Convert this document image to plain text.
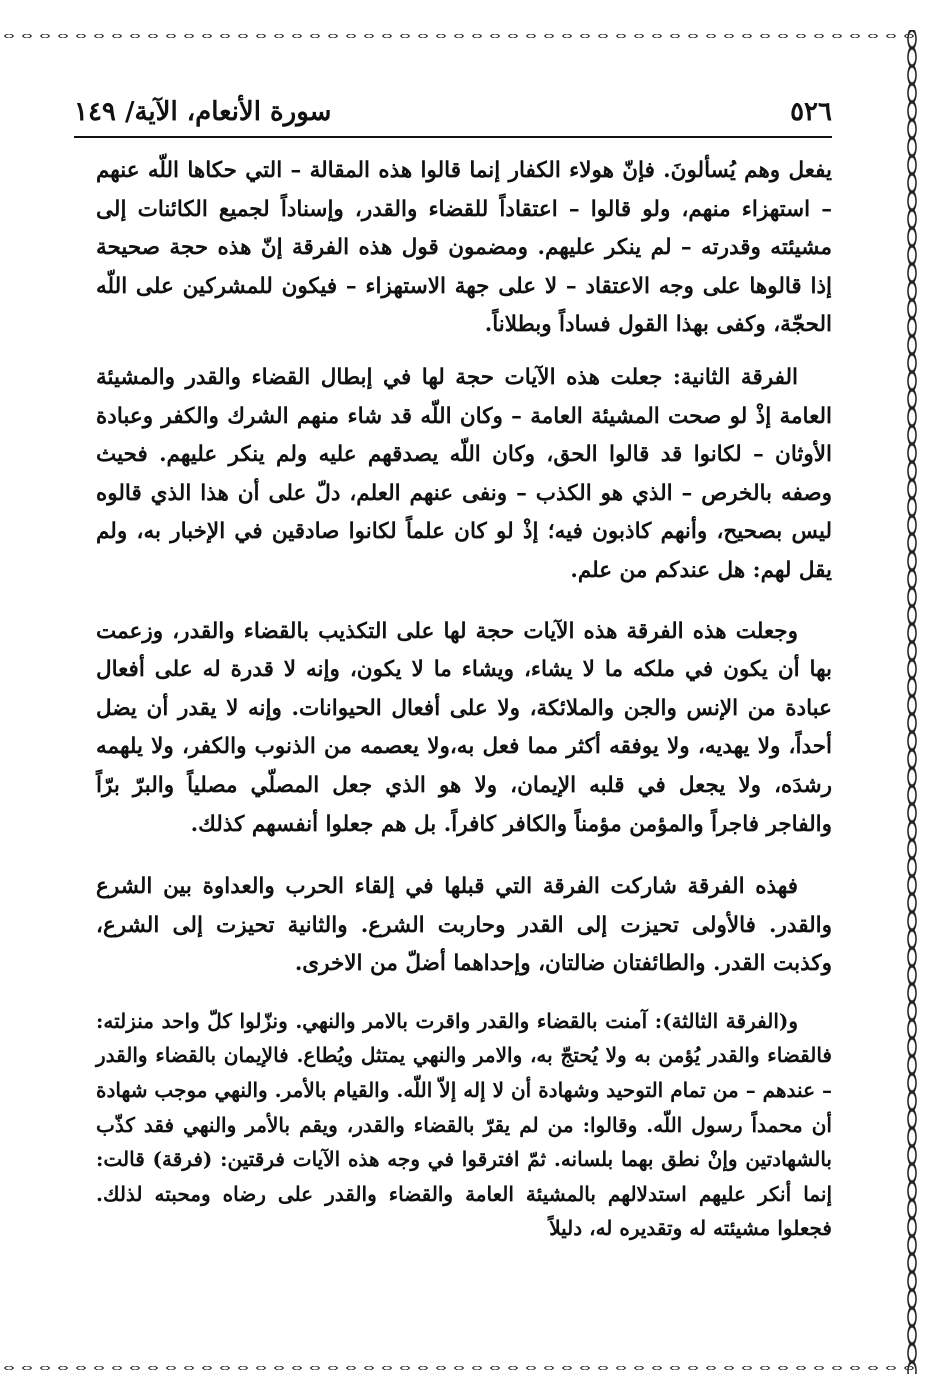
٥٢٦
سورة الأنعام، الآية/ ١٤٩

يفعل وهم يُسألونَ. فإنّ هولاء الكفار إنما قالوا هذه المقالة – التي حكاها اللّه عنهم – استهزاء منهم، ولو قالوا – اعتقاداً للقضاء والقدر، وإسناداً لجميع الكائنات إلى مشيئته وقدرته – لم ينكر عليهم. ومضمون قول هذه الفرقة إنّ هذه حجة صحيحة إذا قالوها على وجه الاعتقاد – لا على جهة الاستهزاء – فيكون للمشركين على اللّه الحجّة، وكفى بهذا القول فساداً وبطلاناً.

الفرقة الثانية: جعلت هذه الآيات حجة لها في إبطال القضاء والقدر والمشيئة العامة إذْ لو صحت المشيئة العامة – وكان اللّه قد شاء منهم الشرك والكفر وعبادة الأوثان – لكانوا قد قالوا الحق، وكان اللّه يصدقهم عليه ولم ينكر عليهم. فحيث وصفه بالخرص – الذي هو الكذب – ونفى عنهم العلم، دلّ على أن هذا الذي قالوه ليس بصحيح، وأنهم كاذبون فيه؛ إذْ لو كان علماً لكانوا صادقين في الإخبار به، ولم يقل لهم: هل عندكم من علم.

وجعلت هذه الفرقة هذه الآيات حجة لها على التكذيب بالقضاء والقدر، وزعمت بها أن يكون في ملكه ما لا يشاء، ويشاء ما لا يكون، وإنه لا قدرة له على أفعال عبادة من الإنس والجن والملائكة، ولا على أفعال الحيوانات. وإنه لا يقدر أن يضل أحداً، ولا يهديه، ولا يوفقه أكثر مما فعل به،ولا يعصمه من الذنوب والكفر، ولا يلهمه رشدَه، ولا يجعل في قلبه الإيمان، ولا هو الذي جعل المصلّي مصلياً والبرّ برّاً والفاجر فاجراً والمؤمن مؤمناً والكافر كافراً. بل هم جعلوا أنفسهم كذلك.

فهذه الفرقة شاركت الفرقة التي قبلها في إلقاء الحرب والعداوة بين الشرع والقدر. فالأولى تحيزت إلى القدر وحاربت الشرع. والثانية تحيزت إلى الشرع، وكذبت القدر. والطائفتان ضالتان، وإحداهما أضلّ من الاخرى.

و(الفرقة الثالثة): آمنت بالقضاء والقدر واقرت بالامر والنهي. ونزّلوا كلّ واحد منزلته: فالقضاء والقدر يُؤمن به ولا يُحتجّ به، والامر والنهي يمتثل ويُطاع. فالإيمان بالقضاء والقدر – عندهم – من تمام التوحيد وشهادة أن لا إله إلاّ اللّه. والقيام بالأمر. والنهي موجب شهادة أن محمداً رسول اللّه. وقالوا: من لم يقرّ بالقضاء والقدر، ويقم بالأمر والنهي فقد كذّب بالشهادتين وإنْ نطق بهما بلسانه. ثمّ افترقوا في وجه هذه الآيات فرقتين: (فرقة) قالت: إنما أنكر عليهم استدلالهم بالمشيئة العامة والقضاء والقدر على رضاه ومحبته لذلك. فجعلوا مشيئته له وتقديره له، دليلاً
